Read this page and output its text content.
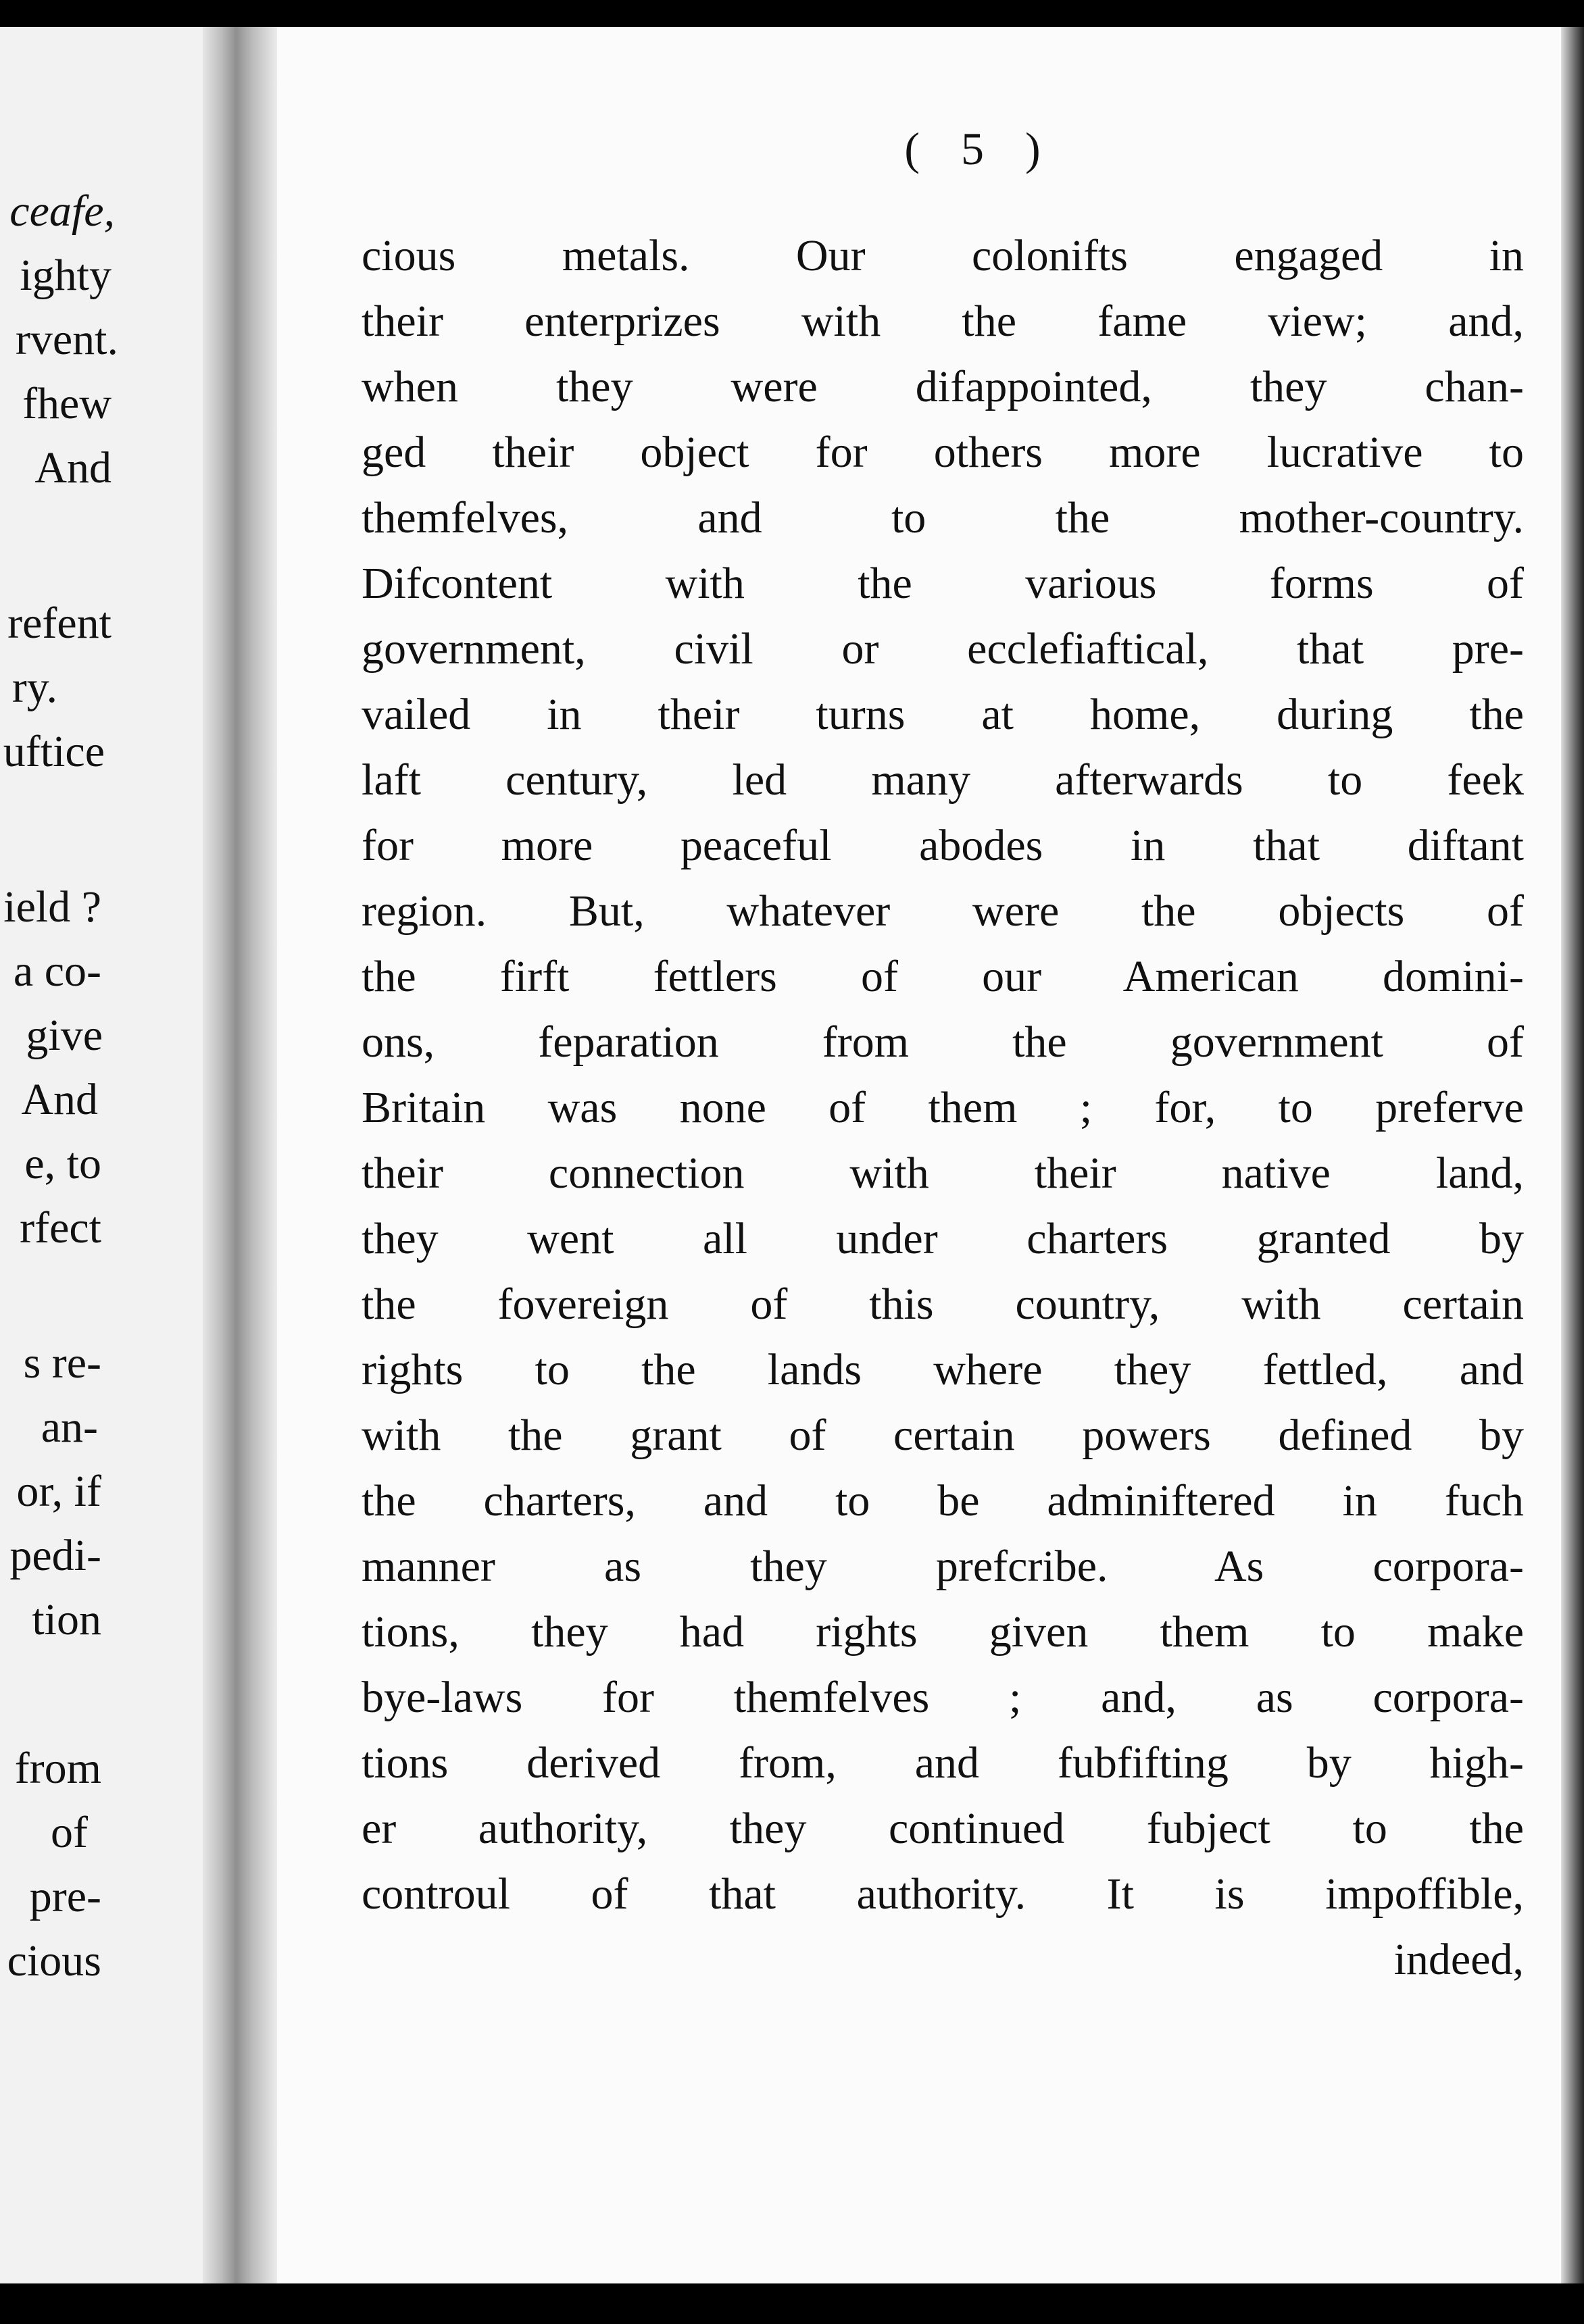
ceafe,
ighty
rvent.
fhew
And
refent
ry.
uftice
ield ?
a co-
give
And
e, to
rfect
s re-
an-
or, if
pedi-
tion
from
of
pre-
cious
( 5 )
cious metals. Our colonifts engaged in
their enterprizes with the fame view; and,
when they were difappointed, they chan-
ged their object for others more lucrative to
themfelves, and to the mother-country.
Difcontent with the various forms of
government, civil or ecclefiaftical, that pre-
vailed in their turns at home, during the
laft century, led many afterwards to feek
for more peaceful abodes in that diftant
region. But, whatever were the objects of
the firft fettlers of our American domini-
ons, feparation from the government of
Britain was none of them ; for, to preferve
their connection with their native land,
they went all under charters granted by
the fovereign of this country, with certain
rights to the lands where they fettled, and
with the grant of certain powers defined by
the charters, and to be adminiftered in fuch
manner as they prefcribe. As corpora-
tions, they had rights given them to make
bye-laws for themfelves ; and, as corpora-
tions derived from, and fubfifting by high-
er authority, they continued fubject to the
controul of that authority. It is impoffible,
indeed,
